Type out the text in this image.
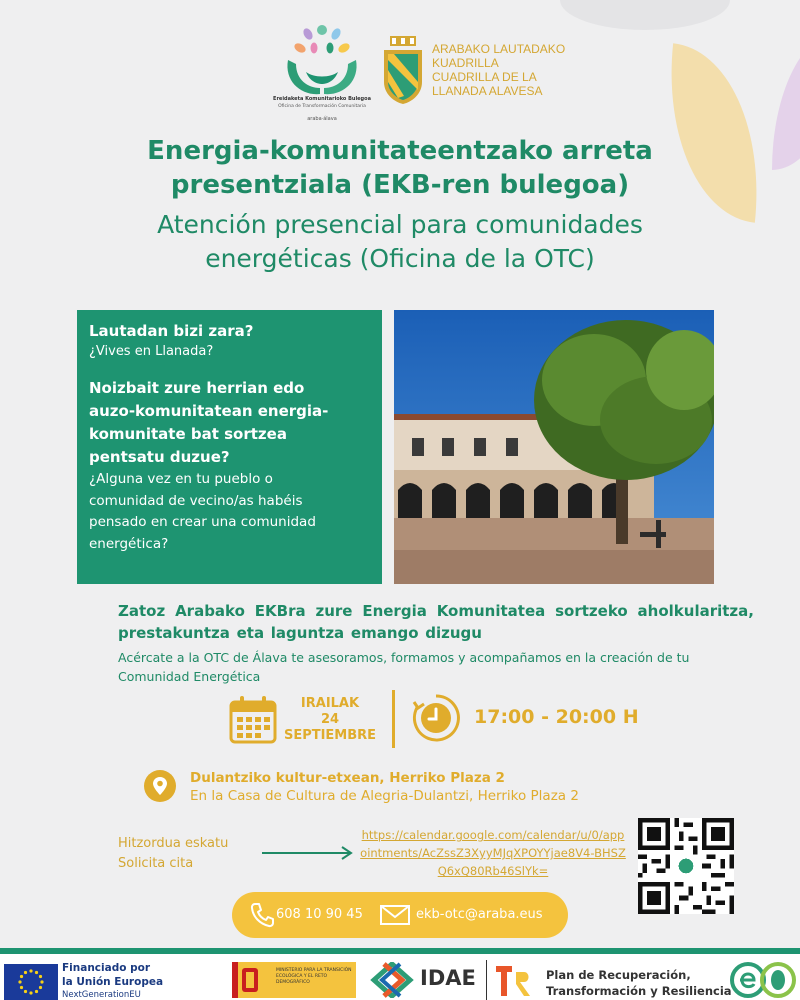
Ereidaketa Komunitarioko Bulegoa
Oficina de Transformación Comunitaria
araba·álava
ARABAKO LAUTADAKO
KUADRILLA
CUADRILLA DE LA
LLANADA ALAVESA
Energia-komunitateentzako arreta
presentziala (EKB-ren bulegoa)
Atención presencial para comunidades
energéticas (Oficina de la OTC)
Lautadan bizi zara?
¿Vives en Llanada?
Noizbait zure herrian edo
auzo-komunitatean energia-
komunitate bat sortzea
pentsatu duzue?
¿Alguna vez en tu pueblo o
comunidad de vecino/as habéis
pensado en crear una comunidad
energética?
Zatoz Arabako EKBra zure Energia Komunitatea sortzeko aholkularitza, prestakuntza eta laguntza emango dizugu
Acércate a la OTC de Álava te asesoramos, formamos y acompañamos en la creación de tu Comunidad Energética
IRAILAK
24
SEPTIEMBRE
17:00 - 20:00 H
Dulantziko kultur-etxean, Herriko Plaza 2
En la Casa de Cultura de Alegria-Dulantzi, Herriko Plaza 2
Hitzordua eskatu
Solicita cita
https://calendar.google.com/calendar/u/0/appointments/AcZssZ3XyyMJqXPOYYjae8V4-BHSZQ6xQ80Rb46SlYk=
608 10 90 45	ekb-otc@araba.eus
Financiado por
la Unión Europea
NextGenerationEU
MINISTERIO PARA LA TRANSICIÓN ECOLÓGICA Y EL RETO DEMOGRÁFICO	IDAE	Plan de Recuperación,
Transformación y Resiliencia
